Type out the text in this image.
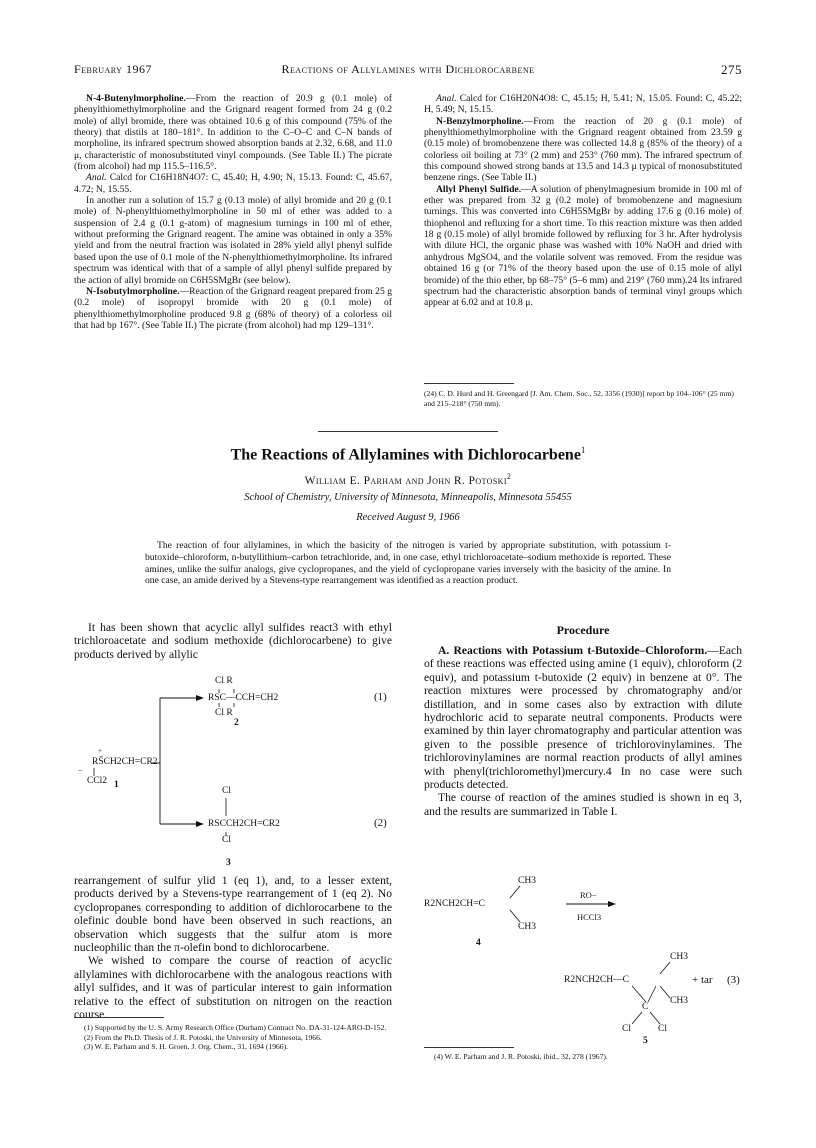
February 1967	Reactions of Allylamines with Dichlorocarbene	275

N-4-Butenylmorpholine.—From the reaction of 20.9 g (0.1 mole) of phenylthiomethylmorpholine and the Grignard reagent formed from 24 g (0.2 mole) of allyl bromide, there was obtained 10.6 g of this compound (75% of the theory) that distils at 180–181°. In addition to the C–O–C and C–N bands of morpholine, its infrared spectrum showed absorption bands at 2.32, 6.68, and 11.0 μ, characteristic of monosubstituted vinyl compounds. (See Table II.) The picrate (from alcohol) had mp 115.5–116.5°.

Anal. Calcd for C16H18N4O7: C, 45.40; H, 4.90; N, 15.13. Found: C, 45.67, 4.72; N, 15.55.

In another run a solution of 15.7 g (0.13 mole) of allyl bromide and 20 g (0.1 mole) of N-phenylthiomethylmorpholine in 50 ml of ether was added to a suspension of 2.4 g (0.1 g-atom) of magnesium turnings in 100 ml of ether, without preforming the Grignard reagent. The amine was obtained in only a 35% yield and from the neutral fraction was isolated in 28% yield allyl phenyl sulfide based upon the use of 0.1 mole of the N-phenylthiomethylmorpholine. Its infrared spectrum was identical with that of a sample of allyl phenyl sulfide prepared by the action of allyl bromide on C6H5SMgBr (see below).

N-Isobutylmorpholine.—Reaction of the Grignard reagent prepared from 25 g (0.2 mole) of isopropyl bromide with 20 g (0.1 mole) of phenylthiomethylmorpholine produced 9.8 g (68% of theory) of a colorless oil that had bp 167°. (See Table II.) The picrate (from alcohol) had mp 129–131°.

Anal. Calcd for C16H20N4O8: C, 45.15; H, 5.41; N, 15.05. Found: C, 45.22; H, 5.49; N, 15.15.

N-Benzylmorpholine.—From the reaction of 20 g (0.1 mole) of phenylthiomethylmorpholine with the Grignard reagent obtained from 23.59 g (0.15 mole) of bromobenzene there was collected 14.8 g (85% of the theory) of a colorless oil boiling at 73° (2 mm) and 253° (760 mm). The infrared spectrum of this compound showed strong bands at 13.5 and 14.3 μ typical of monosubstituted benzene rings. (See Table II.)

Allyl Phenyl Sulfide.—A solution of phenylmagnesium bromide in 100 ml of ether was prepared from 32 g (0.2 mole) of bromobenzene and magnesium turnings. This was converted into C6H5SMgBr by adding 17.6 g (0.16 mole) of thiophenol and refluxing for a short time. To this reaction mixture was then added 18 g (0.15 mole) of allyl bromide followed by refluxing for 3 hr. After hydrolysis with dilute HCl, the organic phase was washed with 10% NaOH and dried with anhydrous MgSO4, and the volatile solvent was removed. From the residue was obtained 16 g (or 71% of the theory based upon the use of 0.15 mole of allyl bromide) of the thio ether, bp 68–75° (5–6 mm) and 219° (760 mm).24 Its infrared spectrum had the characteristic absorption bands of terminal vinyl groups which appear at 6.02 and at 10.8 μ.

(24) C. D. Hurd and H. Greengard [J. Am. Chem. Soc., 52, 3356 (1930)] report bp 104–106° (25 mm) and 215–218° (750 mm).
The Reactions of Allylamines with Dichlorocarbene$^1$
William E. Parham and John R. Potoski$^2$
School of Chemistry, University of Minnesota, Minneapolis, Minnesota 55455
Received August 9, 1966
The reaction of four allylamines, in which the basicity of the nitrogen is varied by appropriate substitution, with potassium t-butoxide–chloroform, n-butyllithium–carbon tetrachloride, and, in one case, ethyl trichloroacetate–sodium methoxide is reported. These amines, unlike the sulfur analogs, give cyclopropanes, and the yield of cyclopropane varies inversely with the basicity of the amine. In one case, an amide derived by a Stevens-type rearrangement was identified as a reaction product.

It has been shown that acyclic allyl sulfides react3 with ethyl trichloroacetate and sodium methoxide (dichlorocarbene) to give products derived by allylic

Cl R
RSC—CCH=CH2
Cl R
2
(1)
+
RS̄CH2CH=CR2
−
CCl2 1
Cl
RSCCH2CH=CR2
Cl
(2)
3

rearrangement of sulfur ylid 1 (eq 1), and, to a lesser extent, products derived by a Stevens-type rearrangement of 1 (eq 2). No cyclopropanes corresponding to addition of dichlorocarbene to the olefinic double bond have been observed in such reactions, an observation which suggests that the sulfur atom is more nucleophilic than the π-olefin bond to dichlorocarbene.

We wished to compare the course of reaction of acyclic allylamines with dichlorocarbene with the analogous reactions with allyl sulfides, and it was of particular interest to gain information relative to the effect of substitution on nitrogen on the reaction course.

(1) Supported by the U. S. Army Research Office (Durham) Contract No. DA-31-124-ARO-D-152.
(2) From the Ph.D. Thesis of J. R. Potoski, the University of Minnesota, 1966.
(3) W. E. Parham and S. H. Groen, J. Org. Chem., 31, 1694 (1966).
Procedure

A. Reactions with Potassium t-Butoxide–Chloroform.—Each of these reactions was effected using amine (1 equiv), chloroform (2 equiv), and potassium t-butoxide (2 equiv) in benzene at 0°. The reaction mixtures were processed by chromatography and/or distillation, and in some cases also by extraction with dilute hydrochloric acid to separate neutral components. Products were examined by thin layer chromatography and particular attention was given to the possible presence of trichlorovinylamines. The trichlorovinylamines are normal reaction products of allyl amines with phenyl(trichloromethyl)mercury.4 In no case were such products detected.

The course of reaction of the amines studied is shown in eq 3, and the results are summarized in Table I.

CH3
R2NCH2CH=C
CH3
RO−
HCCl3
4
CH3
R2NCH2CH—C	+ tar (3)
CH3
C
Cl	Cl
5
(4) W. E. Parham and J. R. Potoski, ibid., 32, 278 (1967).
